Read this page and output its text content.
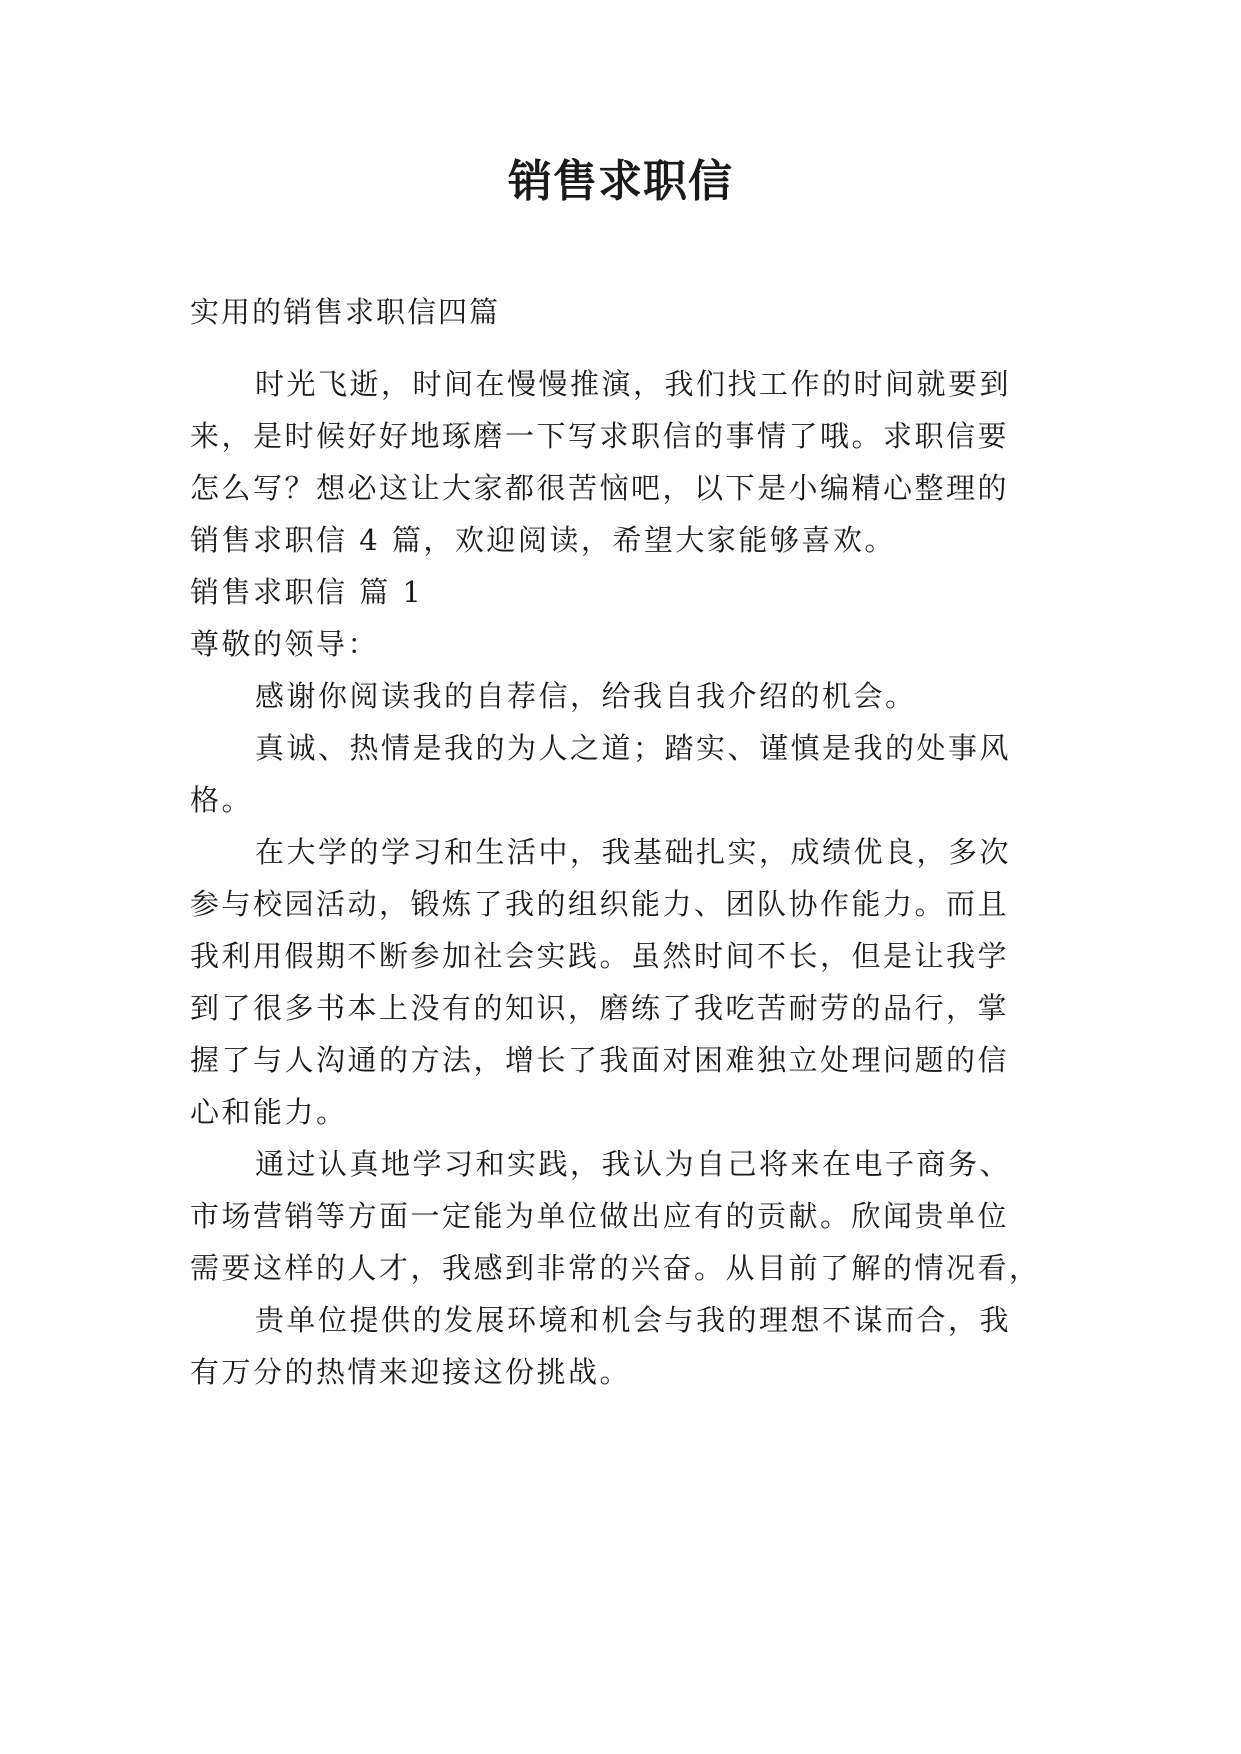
销售求职信
实用的销售求职信四篇
时光飞逝，时间在慢慢推演，我们找工作的时间就要到
来，是时候好好地琢磨一下写求职信的事情了哦。求职信要
怎么写？想必这让大家都很苦恼吧，以下是小编精心整理的
销售求职信 4 篇，欢迎阅读，希望大家能够喜欢。
销售求职信 篇 1
尊敬的领导：
感谢你阅读我的自荐信，给我自我介绍的机会。
真诚、热情是我的为人之道；踏实、谨慎是我的处事风
格。
在大学的学习和生活中，我基础扎实，成绩优良，多次
参与校园活动，锻炼了我的组织能力、团队协作能力。而且
我利用假期不断参加社会实践。虽然时间不长，但是让我学
到了很多书本上没有的知识，磨练了我吃苦耐劳的品行，掌
握了与人沟通的方法，增长了我面对困难独立处理问题的信
心和能力。
通过认真地学习和实践，我认为自己将来在电子商务、
市场营销等方面一定能为单位做出应有的贡献。欣闻贵单位
需要这样的人才，我感到非常的兴奋。从目前了解的情况看，
贵单位提供的发展环境和机会与我的理想不谋而合，我
有万分的热情来迎接这份挑战。
